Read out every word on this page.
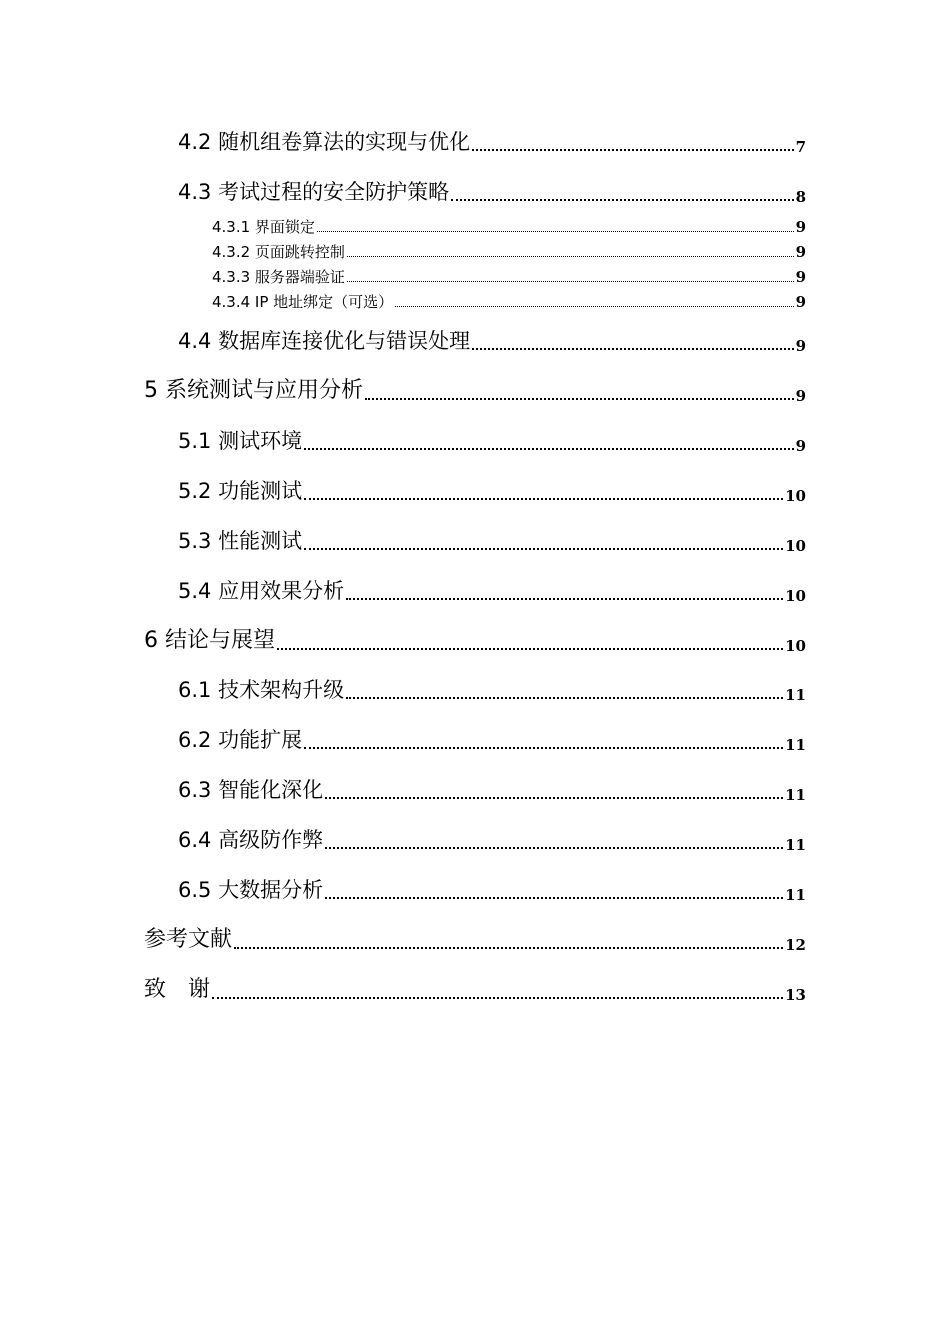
4.2 随机组卷算法的实现与优化	7
4.3 考试过程的安全防护策略	8
4.3.1 界面锁定	9
4.3.2 页面跳转控制	9
4.3.3 服务器端验证	9
4.3.4 IP 地址绑定（可选）	9
4.4 数据库连接优化与错误处理	9
5 系统测试与应用分析	9
5.1 测试环境	9
5.2 功能测试	10
5.3 性能测试	10
5.4 应用效果分析	10
6 结论与展望	10
6.1 技术架构升级	11
6.2 功能扩展	11
6.3 智能化深化	11
6.4 高级防作弊	11
6.5 大数据分析	11
参考文献	12
致　谢	13
